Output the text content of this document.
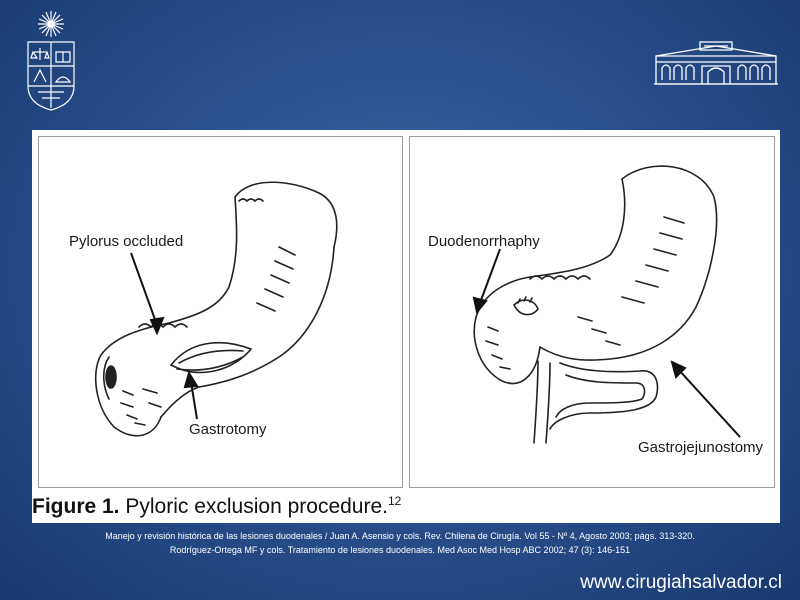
Pylorus occluded
Gastrotomy
Duodenorrhaphy
Gastrojejunostomy
Figure 1. Pyloric exclusion procedure.$^{12}$
Manejo y revisión histórica de las lesiones duodenales / Juan A. Asensio y cols. Rev. Chilena de Cirugía. Vol 55 - Nº 4, Agosto 2003; págs. 313-320.
Rodríguez-Ortega MF y cols. Tratamiento de lesiones duodenales. Med Asoc Med Hosp ABC 2002; 47 (3): 146-151
www.cirugiahsalvador.cl
